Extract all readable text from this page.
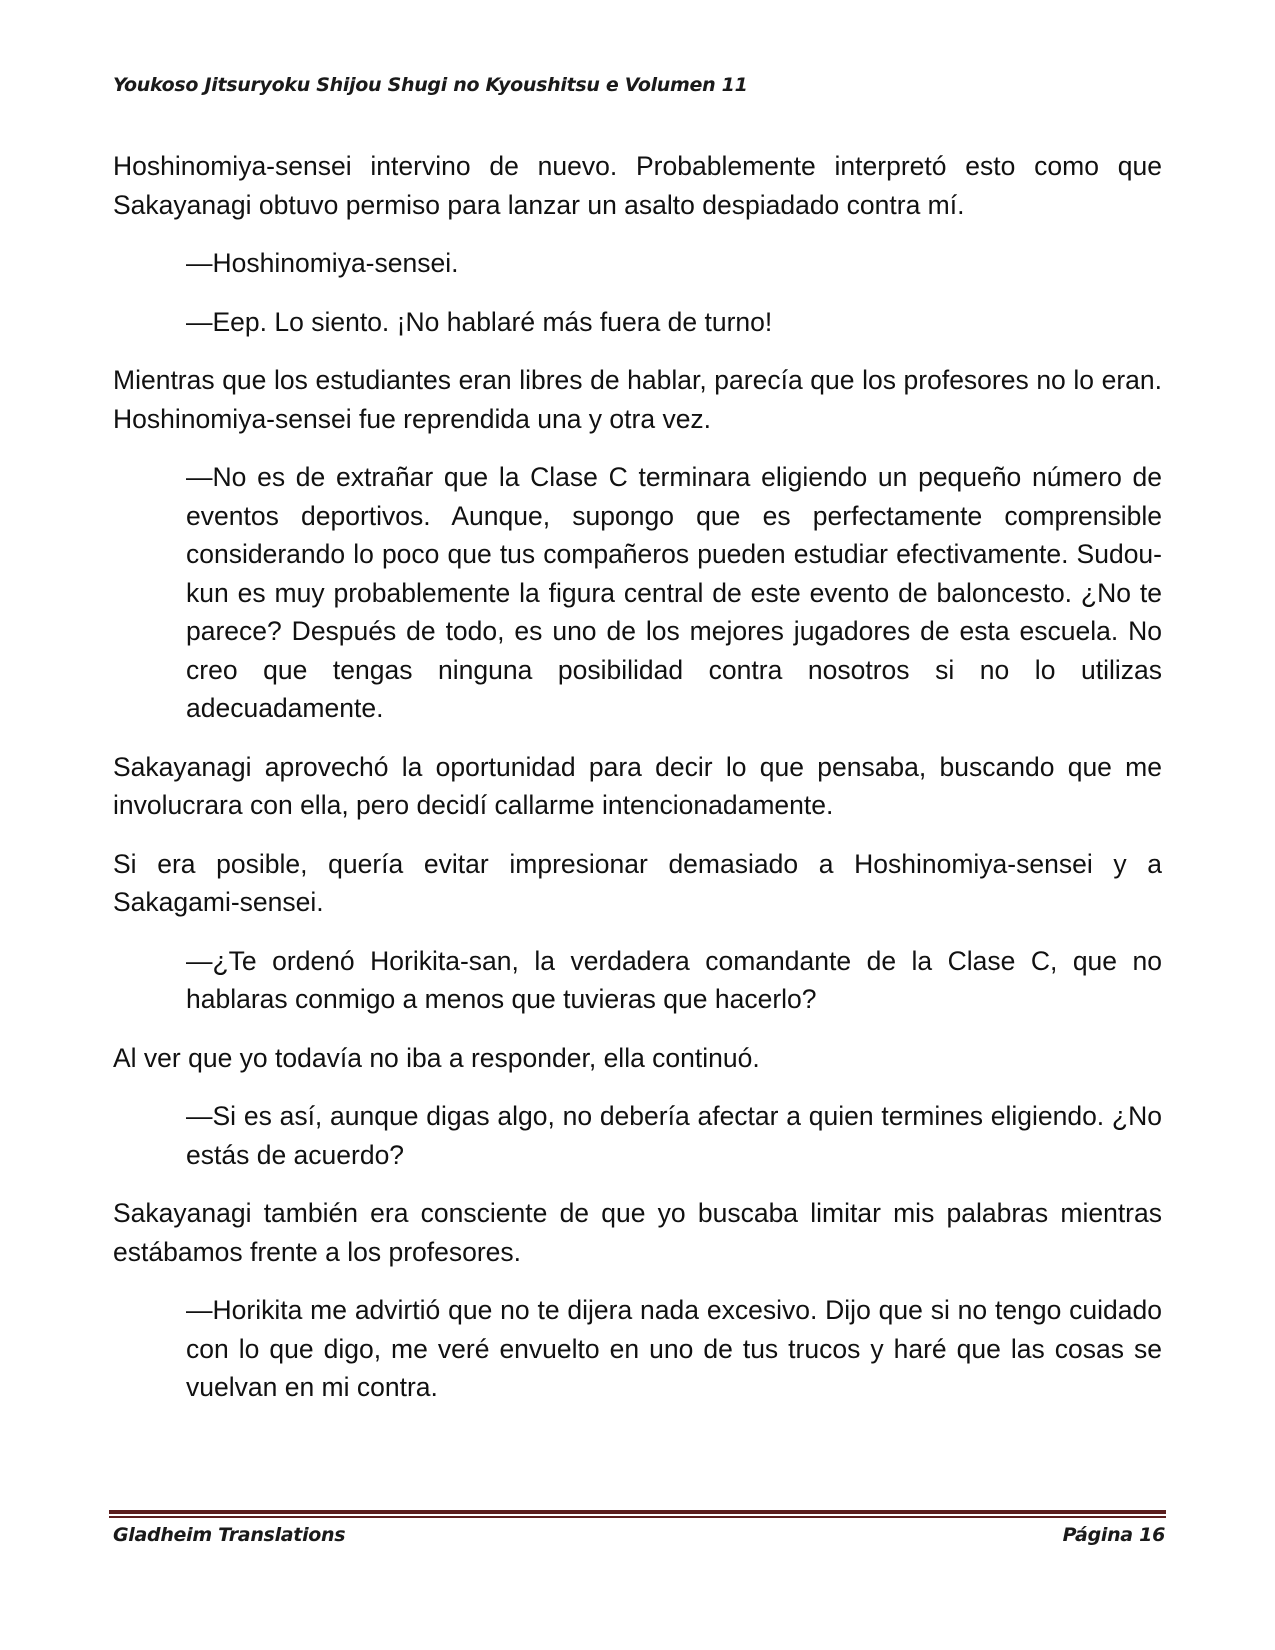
Youkoso Jitsuryoku Shijou Shugi no Kyoushitsu e Volumen 11

Hoshinomiya-sensei intervino de nuevo. Probablemente interpretó esto como que Sakayanagi obtuvo permiso para lanzar un asalto despiadado contra mí.

—Hoshinomiya-sensei.

—Eep. Lo siento. ¡No hablaré más fuera de turno!

Mientras que los estudiantes eran libres de hablar, parecía que los profesores no lo eran. Hoshinomiya-sensei fue reprendida una y otra vez.

—No es de extrañar que la Clase C terminara eligiendo un pequeño número de eventos deportivos. Aunque, supongo que es perfectamente comprensible considerando lo poco que tus compañeros pueden estudiar efectivamente. Sudou-kun es muy probablemente la figura central de este evento de baloncesto. ¿No te parece? Después de todo, es uno de los mejores jugadores de esta escuela. No creo que tengas ninguna posibilidad contra nosotros si no lo utilizas adecuadamente.

Sakayanagi aprovechó la oportunidad para decir lo que pensaba, buscando que me involucrara con ella, pero decidí callarme intencionadamente.

Si era posible, quería evitar impresionar demasiado a Hoshinomiya-sensei y a Sakagami-sensei.

—¿Te ordenó Horikita-san, la verdadera comandante de la Clase C, que no hablaras conmigo a menos que tuvieras que hacerlo?

Al ver que yo todavía no iba a responder, ella continuó.

—Si es así, aunque digas algo, no debería afectar a quien termines eligiendo. ¿No estás de acuerdo?

Sakayanagi también era consciente de que yo buscaba limitar mis palabras mientras estábamos frente a los profesores.

—Horikita me advirtió que no te dijera nada excesivo. Dijo que si no tengo cuidado con lo que digo, me veré envuelto en uno de tus trucos y haré que las cosas se vuelvan en mi contra.

Gladheim Translations	Página 16
